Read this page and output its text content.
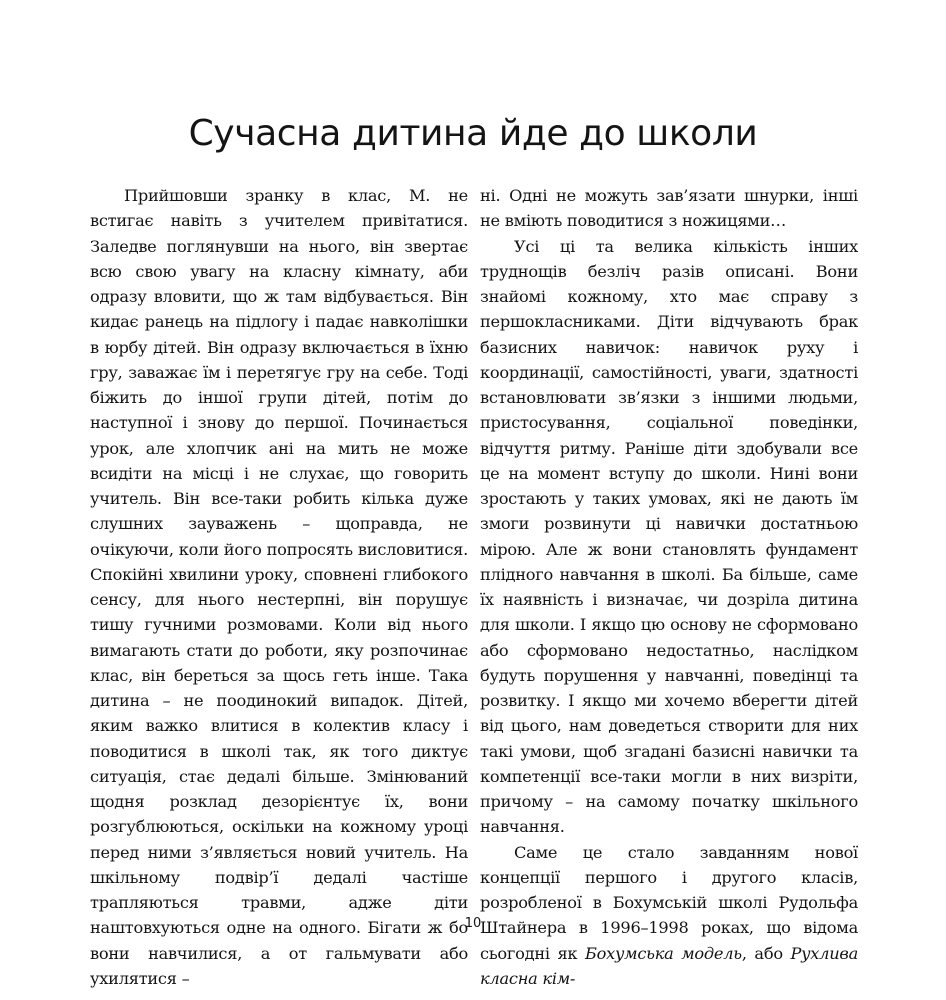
Сучасна дитина йде до школи

Прийшовши зранку в клас, М. не встигає навіть з учителем привітатися. Заледве поглянувши на нього, він звертає всю свою увагу на класну кімнату, аби одразу вловити, що ж там відбувається. Він кидає ранець на підлогу і падає навколішки в юрбу дітей. Він одразу включається в їхню гру, заважає їм і перетягує гру на себе. Тоді біжить до іншої групи дітей, потім до наступної і знову до першої. Починається урок, але хлопчик ані на мить не може всидіти на місці і не слухає, що говорить учитель. Він все-таки робить кілька дуже слушних зауважень – щоправда, не очікуючи, коли його попросять висловитися. Спокійні хвилини уроку, сповнені глибокого сенсу, для нього нестерпні, він порушує тишу гучними розмовами. Коли від нього вимагають стати до роботи, яку розпочинає клас, він береться за щось геть інше. Така дитина – не поодинокий випадок. Дітей, яким важко влитися в колектив класу і поводитися в школі так, як того диктує ситуація, стає дедалі більше. Змінюваний щодня розклад дезорієнтує їх, вони розгублюються, оскільки на кожному уроці перед ними з’являється новий учитель. На шкільному подвір’ї дедалі частіше трапляються травми, адже діти наштовхуються одне на одного. Бігати ж бо вони навчилися, а от гальмувати або ухилятися –

ні. Одні не можуть зав’язати шнурки, інші не вміють поводитися з ножицями…

Усі ці та велика кількість інших труднощів безліч разів описані. Вони знайомі кожному, хто має справу з першокласниками. Діти відчувають брак базисних навичок: навичок руху і координації, самостійності, уваги, здатності встановлювати зв’язки з іншими людьми, пристосування, соціальної поведінки, відчуття ритму. Раніше діти здобували все це на момент вступу до школи. Нині вони зростають у таких умовах, які не дають їм змоги розвинути ці навички достатньою мірою. Але ж вони становлять фундамент плідного навчання в школі. Ба більше, саме їх наявність і визначає, чи дозріла дитина для школи. І якщо цю основу не сформовано або сформовано недостатньо, наслідком будуть порушення у навчанні, поведінці та розвитку. І якщо ми хочемо вберегти дітей від цього, нам доведеться створити для них такі умови, щоб згадані базисні навички та компетенції все-таки могли в них визріти, причому – на самому початку шкільного навчання.

Саме це стало завданням нової концепції першого і другого класів, розробленої в Бохумській школі Рудольфа Штайнера в 1996–1998 роках, що відома сьогодні як Бохумська модель, або Рухлива класна кім-

10
